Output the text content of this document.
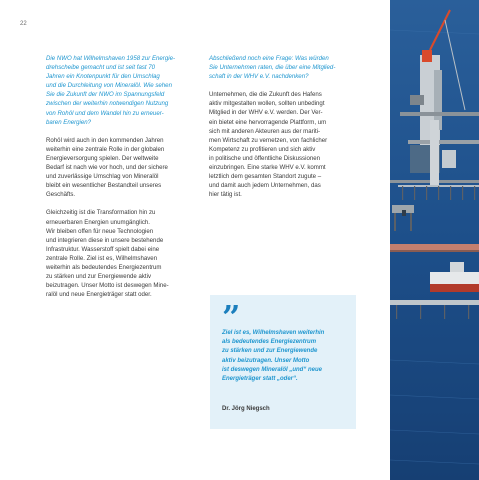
22
Die NWO hat Wilhelmshaven 1958 zur Energie-
drehscheibe gemacht und ist seit fast 70
Jahren ein Knotenpunkt für den Umschlag
und die Durchleitung von Mineralöl. Wie sehen
Sie die Zukunft der NWO im Spannungsfeld
zwischen der weiterhin notwendigen Nutzung
von Rohöl und dem Wandel hin zu erneuer-
baren Energien?
Rohöl wird auch in den kommenden Jahren
weiterhin eine zentrale Rolle in der globalen
Energieversorgung spielen. Der weltweite
Bedarf ist nach wie vor hoch, und der sichere
und zuverlässige Umschlag von Mineralöl
bleibt ein wesentlicher Bestandteil unseres
Geschäfts.
Gleichzeitig ist die Transformation hin zu
erneuerbaren Energien unumgänglich.
Wir bleiben offen für neue Technologien
und integrieren diese in unsere bestehende
Infrastruktur. Wasserstoff spielt dabei eine
zentrale Rolle. Ziel ist es, Wilhelmshaven
weiterhin als bedeutendes Energiezentrum
zu stärken und zur Energiewende aktiv
beizutragen. Unser Motto ist deswegen Mine-
ralöl und neue Energieträger statt oder.
Abschließend noch eine Frage: Was würden
Sie Unternehmen raten, die über eine Mitglied-
schaft in der WHV e.V. nachdenken?
Unternehmen, die die Zukunft des Hafens
aktiv mitgestalten wollen, sollten unbedingt
Mitglied in der WHV e.V. werden. Der Ver-
ein bietet eine hervorragende Plattform, um
sich mit anderen Akteuren aus der mariti-
men Wirtschaft zu vernetzen, von fachlicher
Kompetenz zu profitieren und sich aktiv
in politische und öffentliche Diskussionen
einzubringen. Eine starke WHV e.V. kommt
letztlich dem gesamten Standort zugute –
und damit auch jedem Unternehmen, das
hier tätig ist.
”
Ziel ist es, Wilhelmshaven weiterhin
als bedeutendes Energiezentrum
zu stärken und zur Energiewende
aktiv beizutragen. Unser Motto
ist deswegen Mineralöl „und“ neue
Energieträger statt „oder“.
Dr. Jörg Niegsch
